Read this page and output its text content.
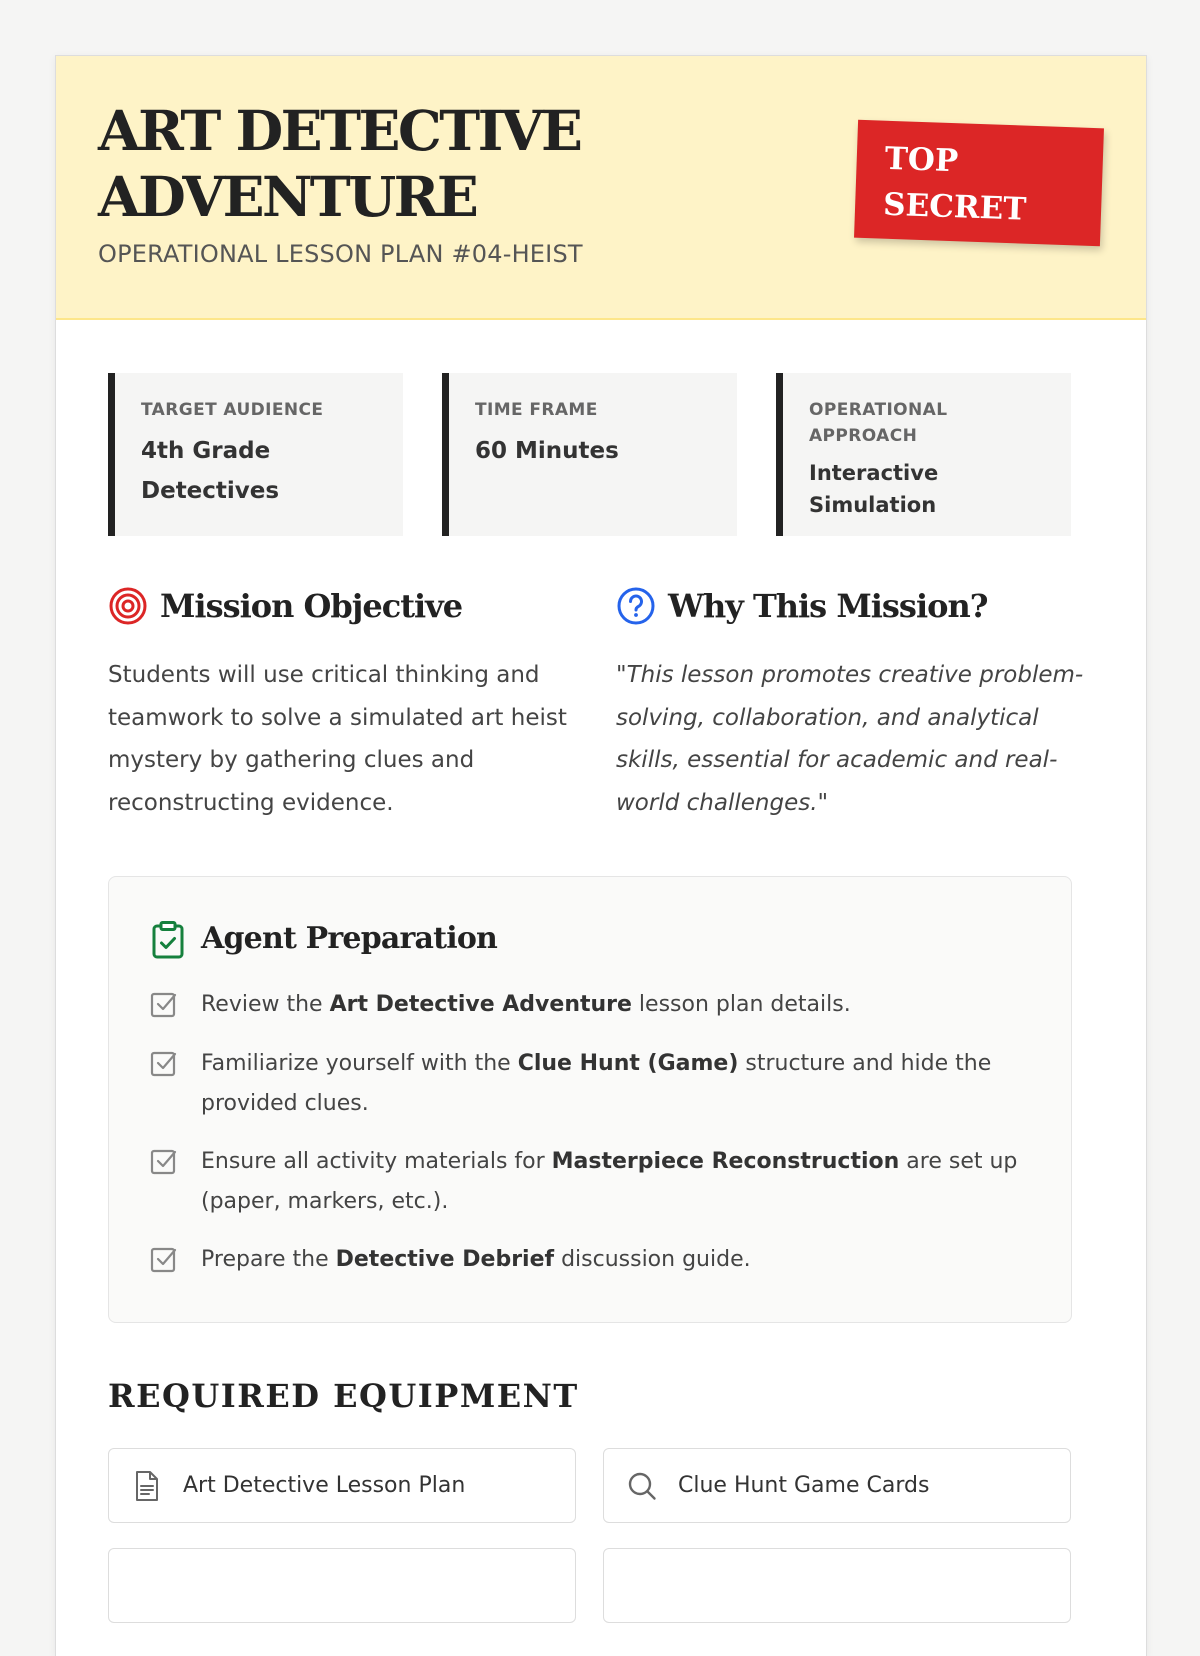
ART DETECTIVE
ADVENTURE
OPERATIONAL LESSON PLAN #04-HEIST
TOP
SECRET
TARGET AUDIENCE
4th Grade
Detectives
TIME FRAME
60 Minutes
OPERATIONAL
APPROACH
Interactive Simulation
Mission Objective

Students will use critical thinking and teamwork to solve a simulated art heist mystery by gathering clues and reconstructing evidence.

Why This Mission?

"This lesson promotes creative problem-solving, collaboration, and analytical skills, essential for academic and real-world challenges."

Agent Preparation
Review the Art Detective Adventure lesson plan details.
Familiarize yourself with the Clue Hunt (Game) structure and hide the provided clues.
Ensure all activity materials for Masterpiece Reconstruction are set up (paper, markers, etc.).
Prepare the Detective Debrief discussion guide.
REQUIRED EQUIPMENT
Art Detective Lesson Plan	Clue Hunt Game Cards
